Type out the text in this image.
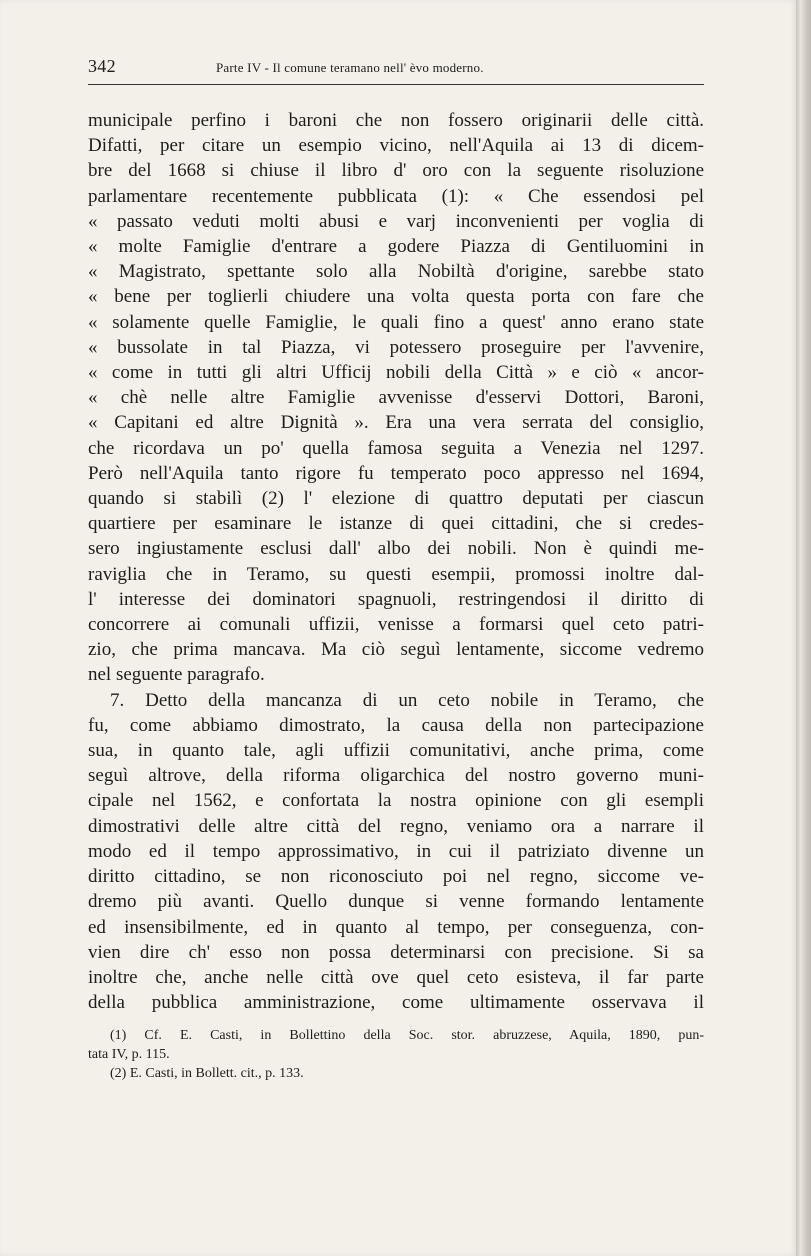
342	Parte IV - Il comune teramano nell' èvo moderno.
municipale perfino i baroni che non fossero originarii delle città.
Difatti, per citare un esempio vicino, nell'Aquila ai 13 di dicem-
bre del 1668 si chiuse il libro d' oro con la seguente risoluzione
parlamentare recentemente pubblicata (1): « Che essendosi pel
« passato veduti molti abusi e varj inconvenienti per voglia di
« molte Famiglie d'entrare a godere Piazza di Gentiluomini in
« Magistrato, spettante solo alla Nobiltà d'origine, sarebbe stato
« bene per toglierli chiudere una volta questa porta con fare che
« solamente quelle Famiglie, le quali fino a quest' anno erano state
« bussolate in tal Piazza, vi potessero proseguire per l'avvenire,
« come in tutti gli altri Ufficij nobili della Città » e ciò « ancor-
« chè nelle altre Famiglie avvenisse d'esservi Dottori, Baroni,
« Capitani ed altre Dignità ». Era una vera serrata del consiglio,
che ricordava un po' quella famosa seguita a Venezia nel 1297.
Però nell'Aquila tanto rigore fu temperato poco appresso nel 1694,
quando si stabilì (2) l' elezione di quattro deputati per ciascun
quartiere per esaminare le istanze di quei cittadini, che si credes-
sero ingiustamente esclusi dall' albo dei nobili. Non è quindi me-
raviglia che in Teramo, su questi esempii, promossi inoltre dal-
l' interesse dei dominatori spagnuoli, restringendosi il diritto di
concorrere ai comunali uffizii, venisse a formarsi quel ceto patri-
zio, che prima mancava. Ma ciò seguì lentamente, siccome vedremo
nel seguente paragrafo.
7. Detto della mancanza di un ceto nobile in Teramo, che
fu, come abbiamo dimostrato, la causa della non partecipazione
sua, in quanto tale, agli uffizii comunitativi, anche prima, come
seguì altrove, della riforma oligarchica del nostro governo muni-
cipale nel 1562, e confortata la nostra opinione con gli esempli
dimostrativi delle altre città del regno, veniamo ora a narrare il
modo ed il tempo approssimativo, in cui il patriziato divenne un
diritto cittadino, se non riconosciuto poi nel regno, siccome ve-
dremo più avanti. Quello dunque si venne formando lentamente
ed insensibilmente, ed in quanto al tempo, per conseguenza, con-
vien dire ch' esso non possa determinarsi con precisione. Si sa
inoltre che, anche nelle città ove quel ceto esisteva, il far parte
della pubblica amministrazione, come ultimamente osservava il
(1) Cf. E. Casti, in Bollettino della Soc. stor. abruzzese, Aquila, 1890, pun-
tata IV, p. 115.
(2) E. Casti, in Bollett. cit., p. 133.
